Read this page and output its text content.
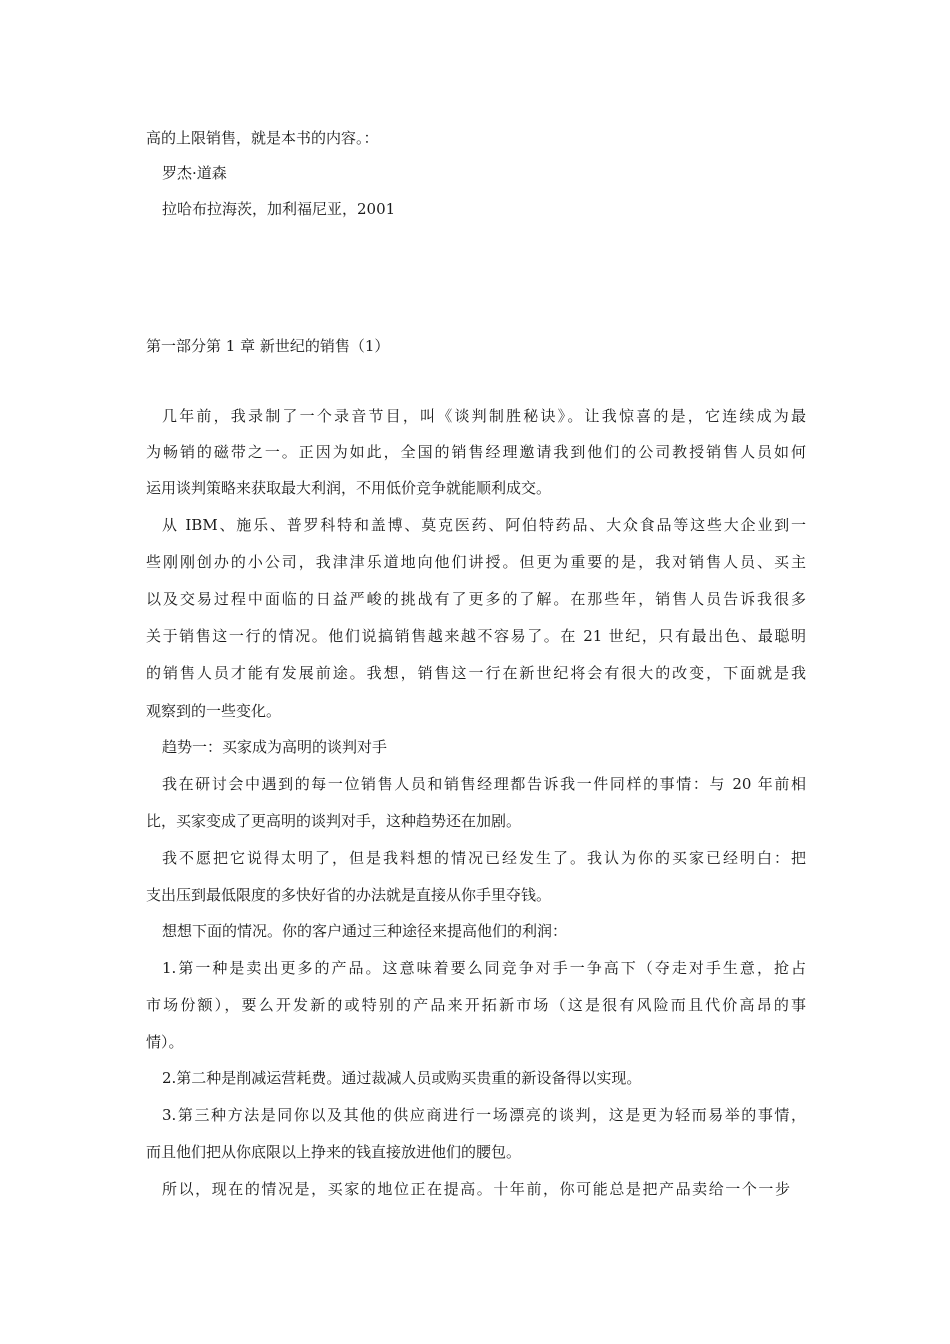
高的上限销售，就是本书的内容。：
罗杰·道森
拉哈布拉海茨，加利福尼亚，2001
第一部分第 1 章 新世纪的销售（1）
几年前，我录制了一个录音节目，叫《谈判制胜秘诀》。让我惊喜的是，它连续成为最
为畅销的磁带之一。正因为如此，全国的销售经理邀请我到他们的公司教授销售人员如何
运用谈判策略来获取最大利润，不用低价竞争就能顺利成交。
从 IBM、施乐、普罗科特和盖博、莫克医药、阿伯特药品、大众食品等这些大企业到一
些刚刚创办的小公司，我津津乐道地向他们讲授。但更为重要的是，我对销售人员、买主
以及交易过程中面临的日益严峻的挑战有了更多的了解。在那些年，销售人员告诉我很多
关于销售这一行的情况。他们说搞销售越来越不容易了。在 21 世纪，只有最出色、最聪明
的销售人员才能有发展前途。我想，销售这一行在新世纪将会有很大的改变，下面就是我
观察到的一些变化。
趋势一：买家成为高明的谈判对手
我在研讨会中遇到的每一位销售人员和销售经理都告诉我一件同样的事情：与 20 年前相
比，买家变成了更高明的谈判对手，这种趋势还在加剧。
我不愿把它说得太明了，但是我料想的情况已经发生了。我认为你的买家已经明白：把
支出压到最低限度的多快好省的办法就是直接从你手里夺钱。
想想下面的情况。你的客户通过三种途径来提高他们的利润：
1.第一种是卖出更多的产品。这意味着要么同竞争对手一争高下（夺走对手生意，抢占
市场份额），要么开发新的或特别的产品来开拓新市场（这是很有风险而且代价高昂的事
情）。
2.第二种是削减运营耗费。通过裁减人员或购买贵重的新设备得以实现。
3.第三种方法是同你以及其他的供应商进行一场漂亮的谈判，这是更为轻而易举的事情，
而且他们把从你底限以上挣来的钱直接放进他们的腰包。
所以，现在的情况是，买家的地位正在提高。十年前，你可能总是把产品卖给一个一步
